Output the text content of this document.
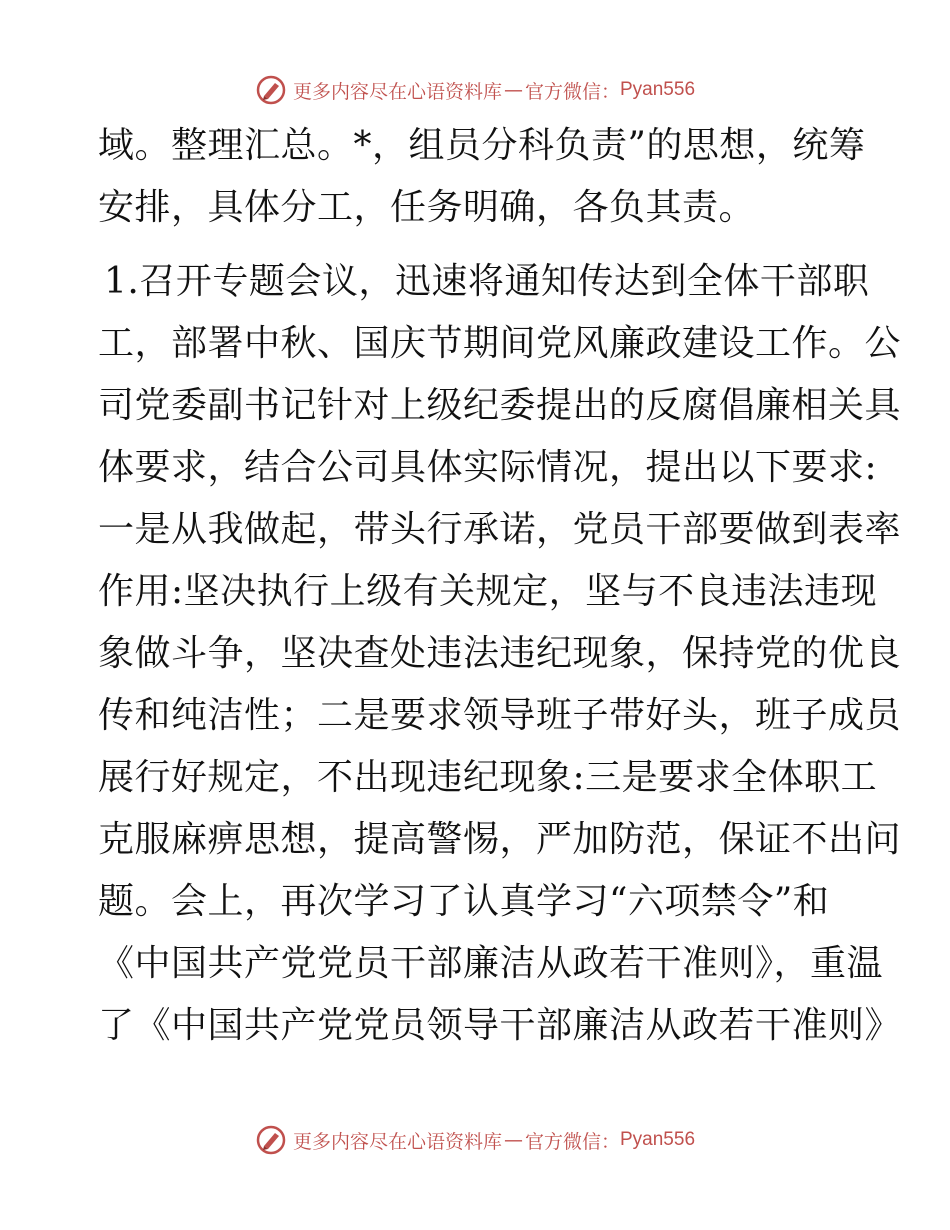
更多内容尽在心语资料库 — 官方微信： Pyan556
域。整理汇总。*，组员分科负责”的思想，统筹
安排，具体分工，任务明确，各负其责。
1.召开专题会议，迅速将通知传达到全体干部职
工，部署中秋、国庆节期间党风廉政建设工作。公
司党委副书记针对上级纪委提出的反腐倡廉相关具
体要求，结合公司具体实际情况，提出以下要求:
一是从我做起，带头行承诺，党员干部要做到表率
作用:坚决执行上级有关规定，坚与不良违法违现
象做斗争，坚决查处违法违纪现象，保持党的优良
传和纯洁性；二是要求领导班子带好头，班子成员
展行好规定，不出现违纪现象:三是要求全体职工
克服麻痹思想，提高警惕，严加防范，保证不出问
题。会上，再次学习了认真学习“六项禁令”和
《中国共产党党员干部廉洁从政若干准则》，重温
了《中国共产党党员领导干部廉洁从政若干准则》
更多内容尽在心语资料库 — 官方微信： Pyan556
